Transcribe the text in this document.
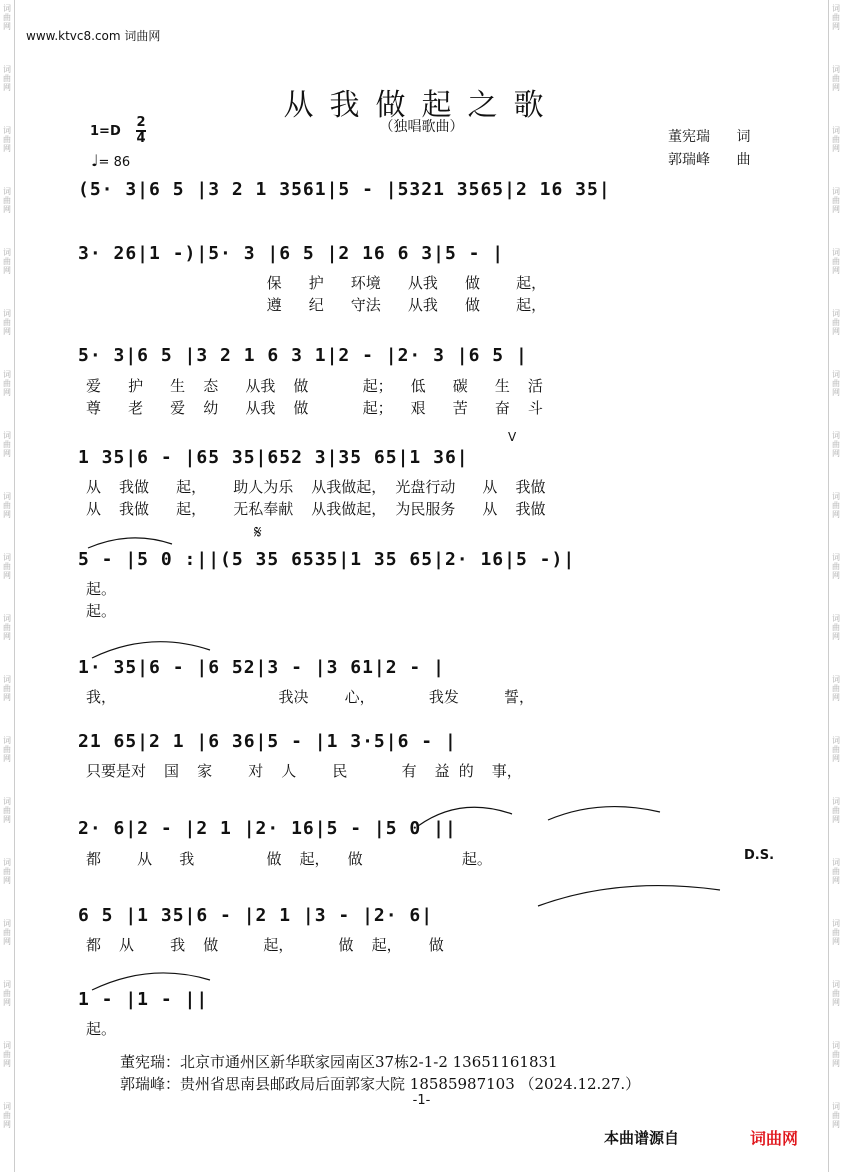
词
曲
网
词
曲
网
词
曲
网
词
曲
网
词
曲
网
词
曲
网
词
曲
网
词
曲
网
词
曲
网
词
曲
网
词
曲
网
词
曲
网
词
曲
网
词
曲
网
词
曲
网
词
曲
网
词
曲
网
词
曲
网
词
曲
网
词
曲
网
词
曲
网
词
曲
网
词
曲
网
词
曲
网
词
曲
网
词
曲
网
词
曲
网
词
曲
网
词
曲
网
词
曲
网
词
曲
网
词
曲
网
词
曲
网
词
曲
网
词
曲
网
词
曲
网
词
曲
网
词
曲
网
www.ktvc8.com 词曲网
从我做起之歌
（独唱歌曲）
1=D
2
4
♩= 86
董宪瑞 词
郭瑞峰 曲
(5· 3|6 5 |3 2 1 3561|5 - |5321 3565|2 16 35|
3· 26|1 -)|5· 3 |6 5 |2 16 6 3|5 - |
保   护   环境   从我   做    起，
遵   纪   守法   从我   做    起，
5· 3|6 5 |3 2 1 6 3 1|2 - |2· 3 |6 5 |
爱   护   生  态   从我  做      起；  低   碳   生  活
尊   老   爱  幼   从我  做      起；  艰   苦   奋  斗
V
1 35|6 - |65 35|652 3|35 65|1 36|
从  我做   起，   助人为乐  从我做起， 光盘行动   从  我做
从  我做   起，   无私奉献  从我做起， 为民服务   从  我做
𝄋
5 - |5 0 :||(5 35 6535|1 35 65|2· 16|5 -)|
起。
起。
1· 35|6 - |6 52|3 - |3 61|2 - |
我，                  我决    心，      我发     誓，
21 65|2 1 |6 36|5 - |1 3·5|6 - |
只要是对  国  家    对  人    民      有  益 的  事，
2· 6|2 - |2 1 |2· 16|5 - |5 0 ||
都    从   我        做  起，  做           起。	D.S.
6 5 |1 35|6 - |2 1 |3 - |2· 6|
都  从    我  做     起，     做  起，   做
1 - |1 - ||
起。
董宪瑞：北京市通州区新华联家园南区37栋2-1-2 13651161831
郭瑞峰：贵州省思南县邮政局后面郭家大院 18585987103 （2024.12.27.）
-1-
本曲谱源自	词曲网
